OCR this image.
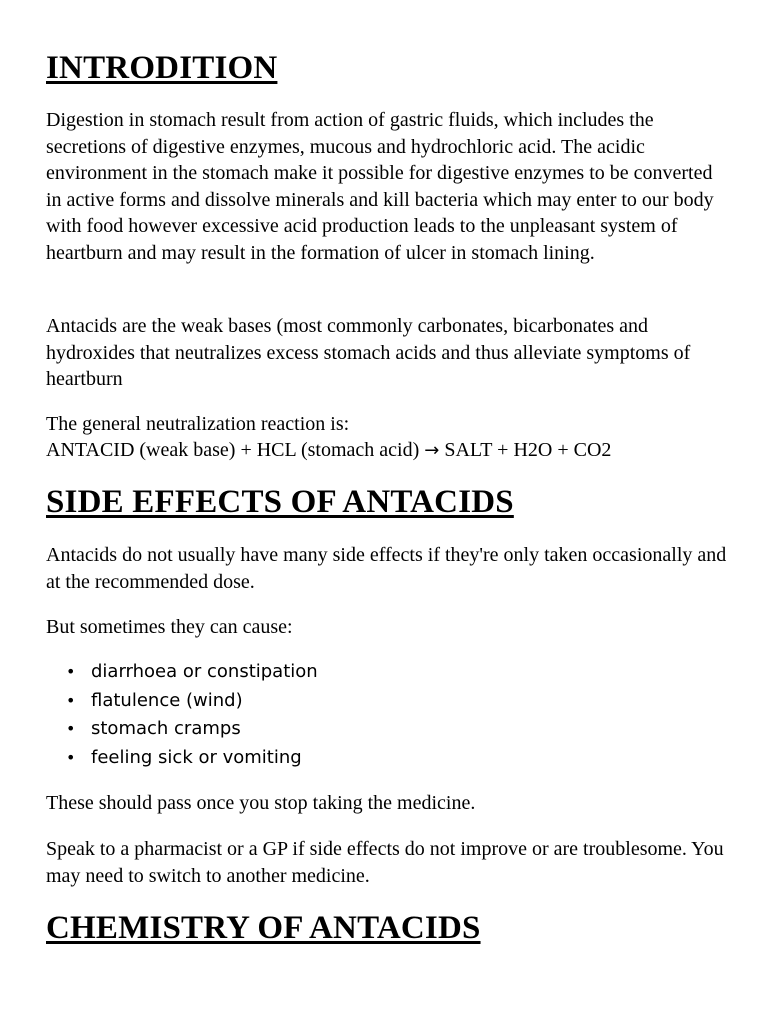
INTRODITION

Digestion in stomach result from action of gastric fluids, which includes the secretions of digestive enzymes, mucous and hydrochloric acid. The acidic environment in the stomach make it possible for digestive enzymes to be converted in active forms and dissolve minerals and kill bacteria which may enter to our body with food however excessive acid production leads to the unpleasant system of heartburn and may result in the formation of ulcer in stomach lining.

Antacids are the weak bases (most commonly carbonates, bicarbonates and hydroxides that neutralizes excess stomach acids and thus alleviate symptoms of heartburn

The general neutralization reaction is:

ANTACID (weak base) + HCL (stomach acid) → SALT + H2O + CO2

SIDE EFFECTS OF ANTACIDS

Antacids do not usually have many side effects if they're only taken occasionally and at the recommended dose.

But sometimes they can cause:

• diarrhoea or constipation
• flatulence (wind)
• stomach cramps
• feeling sick or vomiting

These should pass once you stop taking the medicine.

Speak to a pharmacist or a GP if side effects do not improve or are troublesome. You may need to switch to another medicine.

CHEMISTRY OF ANTACIDS
